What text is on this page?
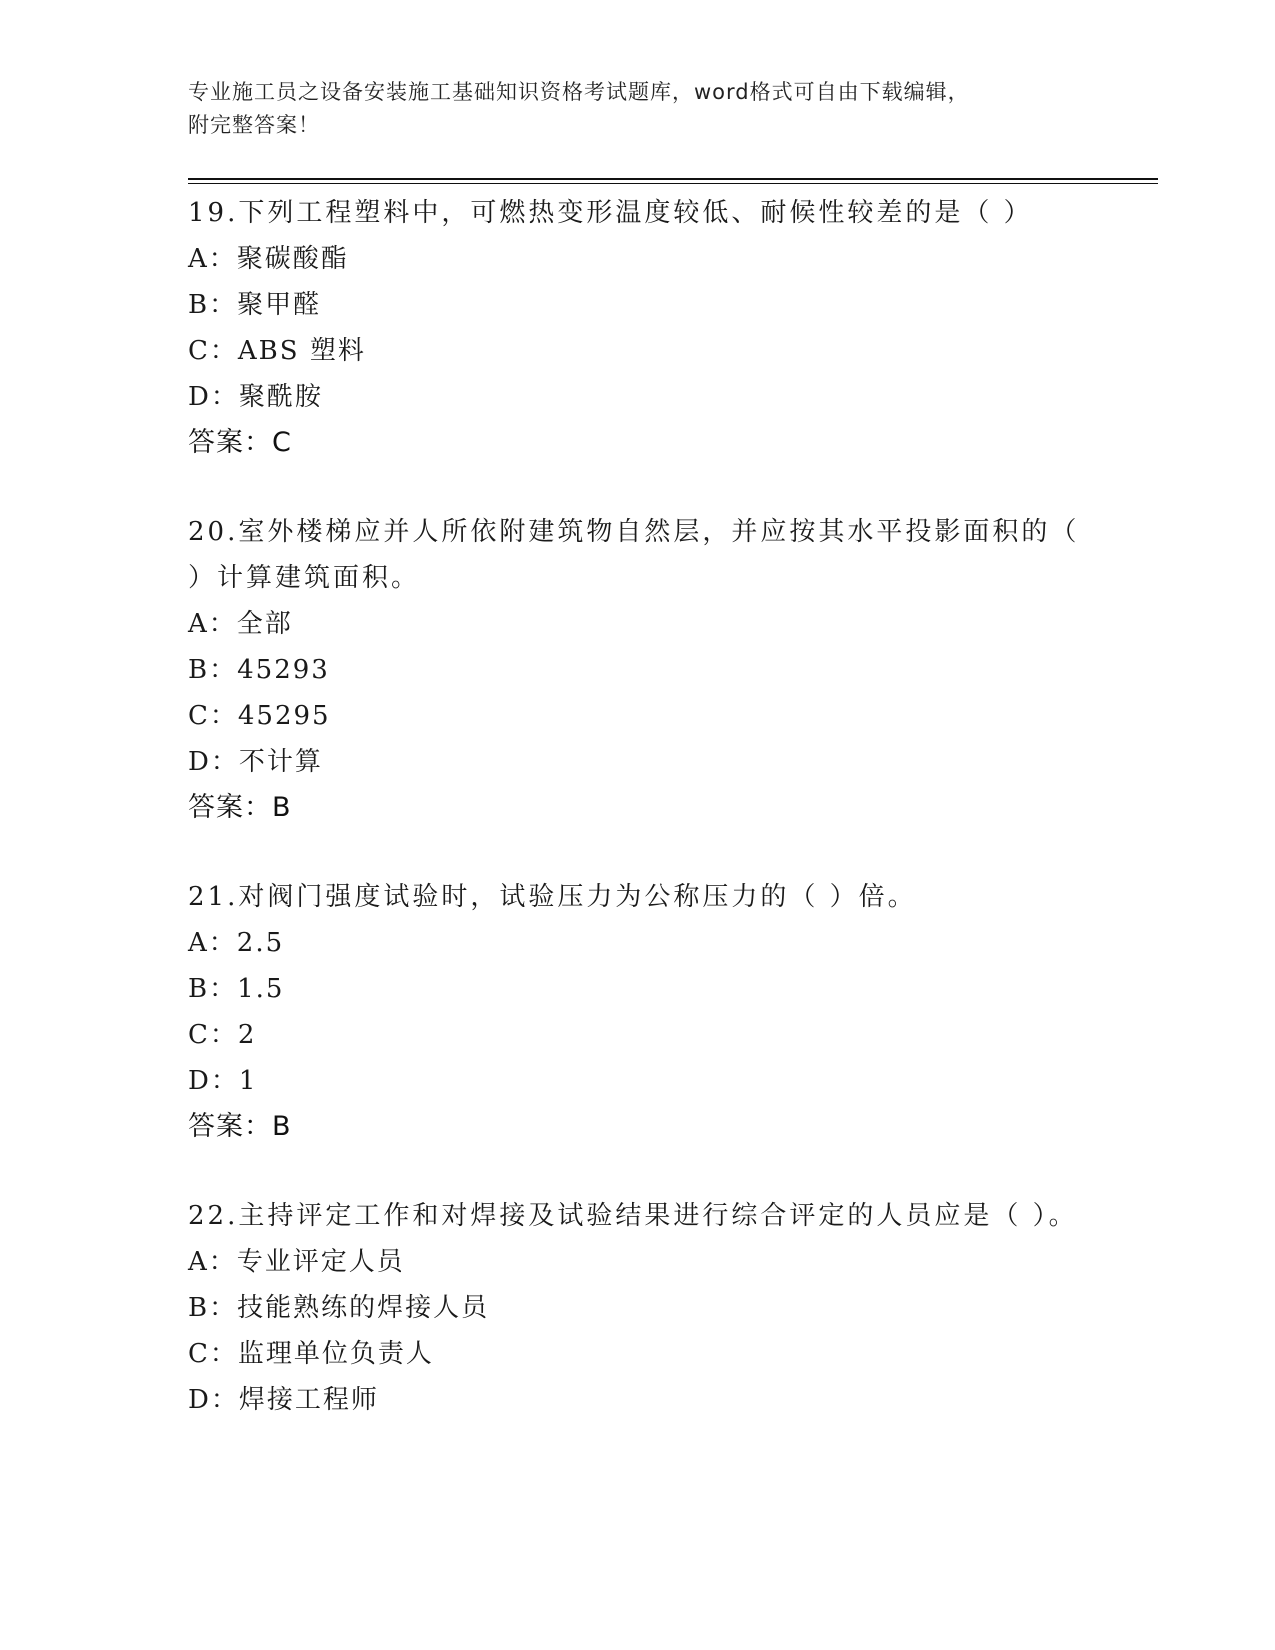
专业施工员之设备安装施工基础知识资格考试题库，word格式可自由下载编辑，
附完整答案！
19.下列工程塑料中，可燃热变形温度较低、耐候性较差的是（ ）
A：聚碳酸酯
B：聚甲醛
C：ABS 塑料
D：聚酰胺
答案：C
20.室外楼梯应并人所依附建筑物自然层，并应按其水平投影面积的（ ）计算建筑面积。
A：全部
B：45293
C：45295
D：不计算
答案：B
21.对阀门强度试验时，试验压力为公称压力的（ ）倍。
A：2.5
B：1.5
C：2
D：1
答案：B
22.主持评定工作和对焊接及试验结果进行综合评定的人员应是（ ）。
A：专业评定人员
B：技能熟练的焊接人员
C：监理单位负责人
D：焊接工程师
